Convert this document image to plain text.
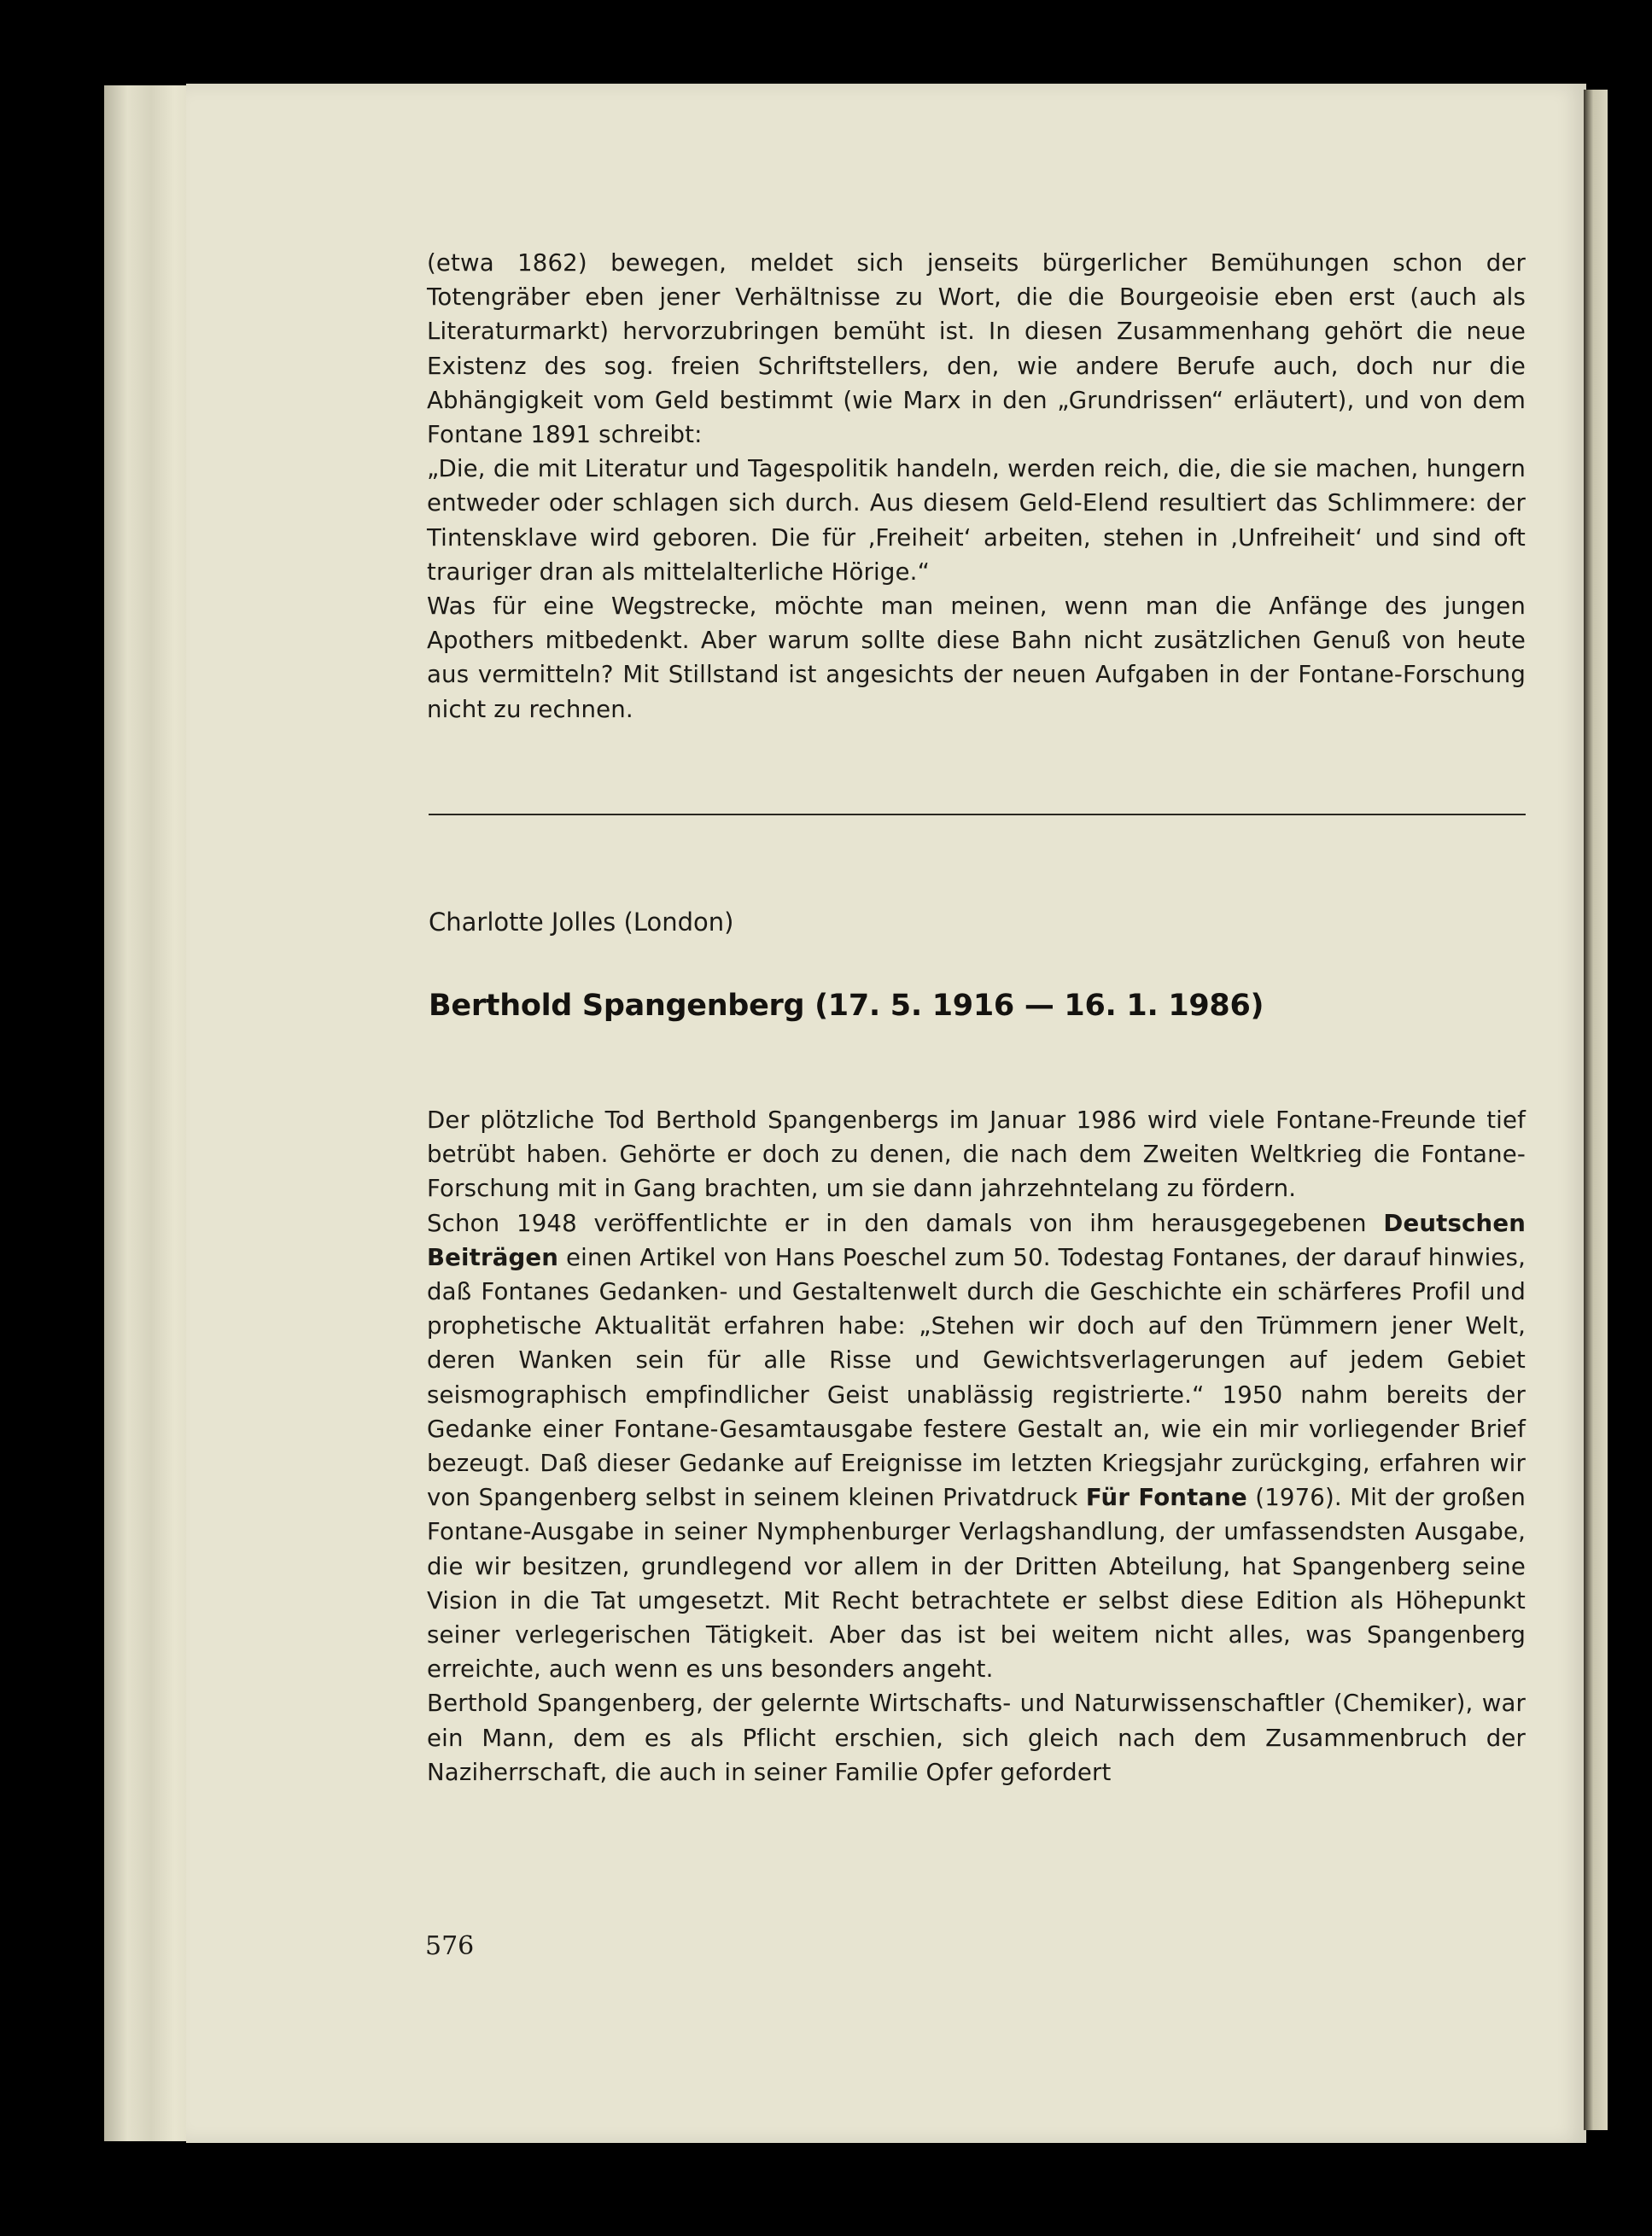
(etwa 1862) bewegen, meldet sich jenseits bürgerlicher Bemühungen schon der Totengräber eben jener Verhältnisse zu Wort, die die Bourgeoisie eben erst (auch als Literaturmarkt) hervorzubringen bemüht ist. In diesen Zusammenhang gehört die neue Existenz des sog. freien Schriftstellers, den, wie andere Berufe auch, doch nur die Abhängigkeit vom Geld bestimmt (wie Marx in den „Grundrissen“ erläutert), und von dem Fontane 1891 schreibt:

„Die, die mit Literatur und Tagespolitik handeln, werden reich, die, die sie machen, hungern entweder oder schlagen sich durch. Aus diesem Geld-Elend resultiert das Schlimmere: der Tintensklave wird geboren. Die für ‚Freiheit‘ arbeiten, stehen in ‚Unfreiheit‘ und sind oft trauriger dran als mittelalterliche Hörige.“

Was für eine Wegstrecke, möchte man meinen, wenn man die Anfänge des jungen Apothers mitbedenkt. Aber warum sollte diese Bahn nicht zusätzlichen Genuß von heute aus vermitteln? Mit Stillstand ist angesichts der neuen Aufgaben in der Fontane-Forschung nicht zu rechnen.

Charlotte Jolles (London)
Berthold Spangenberg (17. 5. 1916 — 16. 1. 1986)

Der plötzliche Tod Berthold Spangenbergs im Januar 1986 wird viele Fontane-Freunde tief betrübt haben. Gehörte er doch zu denen, die nach dem Zweiten Weltkrieg die Fontane-Forschung mit in Gang brachten, um sie dann jahrzehntelang zu fördern.

Schon 1948 veröffentlichte er in den damals von ihm herausgegebenen Deutschen Beiträgen einen Artikel von Hans Poeschel zum 50. Todestag Fontanes, der darauf hinwies, daß Fontanes Gedanken- und Gestaltenwelt durch die Geschichte ein schärferes Profil und prophetische Aktualität erfahren habe: „Stehen wir doch auf den Trümmern jener Welt, deren Wanken sein für alle Risse und Gewichtsverlagerungen auf jedem Gebiet seismographisch empfindlicher Geist unablässig registrierte.“ 1950 nahm bereits der Gedanke einer Fontane-Gesamtausgabe festere Gestalt an, wie ein mir vorliegender Brief bezeugt. Daß dieser Gedanke auf Ereignisse im letzten Kriegsjahr zurückging, erfahren wir von Spangenberg selbst in seinem kleinen Privatdruck Für Fontane (1976). Mit der großen Fontane-Ausgabe in seiner Nymphenburger Verlagshandlung, der umfassendsten Ausgabe, die wir besitzen, grundlegend vor allem in der Dritten Abteilung, hat Spangenberg seine Vision in die Tat umgesetzt. Mit Recht betrachtete er selbst diese Edition als Höhepunkt seiner verlegerischen Tätigkeit. Aber das ist bei weitem nicht alles, was Spangenberg erreichte, auch wenn es uns besonders angeht.

Berthold Spangenberg, der gelernte Wirtschafts- und Naturwissenschaftler (Chemiker), war ein Mann, dem es als Pflicht erschien, sich gleich nach dem Zusammenbruch der Naziherrschaft, die auch in seiner Familie Opfer gefordert

576
